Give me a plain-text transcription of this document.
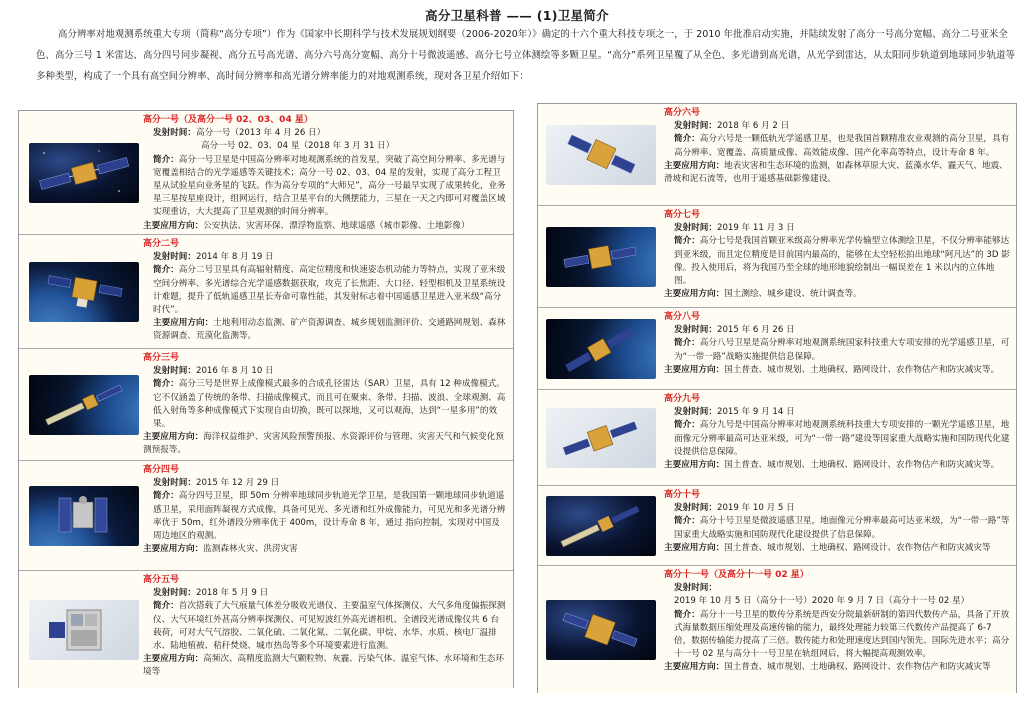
高分卫星科普 —— (1)卫星简介
高分辨率对地观测系统重大专项（简称“高分专项”）作为《国家中长期科学与技术发展规划纲要（2006-2020年）》确定的十六个重大科技专项之一，于 2010 年批准启动实施，并陆续发射了高分一号高分宽幅、高分二号亚米全色、高分三号 1 米雷达、高分四号同步凝视、高分五号高光谱、高分六号高分宽幅、高分十号微波遥感、高分七号立体测绘等多颗卫星。“高分”系列卫星覆了从全色、多光谱到高光谱，从光学到雷达，从太阳同步轨道到地球同步轨道等多种类型，构成了一个具有高空间分辨率、高时间分辨率和高光谱分辨率能力的对地观测系统，现对各卫星介绍如下：
高分一号（及高分一号 02、03、04 星）
发射时间：高分一号（2013 年 4 月 26 日）
高分一号 02、03、04 星（2018 年 3 月 31 日）
简介：高分一号卫星是中国高分辨率对地观测系统的首发星，突破了高空间分辨率、多光谱与宽覆盖相结合的光学遥感等关键技术；高分一号 02、03、04 星的发射，实现了高分工程卫星从试验星向业务星的飞跃。作为高分专项的“大师兄”，高分一号最早实现了成果转化，业务星三星按星座设计，组网运行，结合卫星平台的大侧摆能力，三星在一天之内即可对覆盖区域实现重访，大大提高了卫星观测的时间分辨率。
主要应用方向：公安执法、灾害环保、漂浮物监察、地球遥感（城市影像、土地影像）
高分二号
发射时间：2014 年 8 月 19 日
简介：高分二号卫星具有高辐射精度、高定位精度和快速姿态机动能力等特点，实现了亚米级空间分辨率、多光谱综合光学遥感数据获取，攻克了长焦距、大口径、轻型相机及卫星系统设计难题，提升了低轨遥感卫星长寿命可靠性能，其发射标志着中国遥感卫星进入亚米级“高分时代”。
主要应用方向：土地利用动态监测、矿产资源调查、城乡规划监测评价、交通路网规划、森林资源调查、荒漠化监测等。
高分三号
发射时间：2016 年 8 月 10 日
简介：高分三号是世界上成像模式最多的合成孔径雷达（SAR）卫星，具有 12 种成像模式。它不仅涵盖了传统的条带、扫描成像模式，而且可在聚束、条带、扫描、波浪、全球观测、高低入射角等多种成像模式下实现自由切换，既可以探地，又可以观海，达到“一星多用”的效果。
主要应用方向：海洋权益维护、灾害风险预警预报、水资源评价与管理、灾害天气和气候变化预测预报等。
高分四号
发射时间：2015 年 12 月 29 日
简介：高分四号卫星，即 50m 分辨率地球同步轨道光学卫星，是我国第一颗地球同步轨道遥感卫星，采用面阵凝视方式成像，具备可见光、多光谱和红外成像能力，可见光和多光谱分辨率优于 50m，红外谱段分辨率优于 400m，设计寿命 8 年，通过 指向控制，实现对中国及周边地区的观测。
主要应用方向：监测森林火灾、洪涝灾害
高分五号
发射时间：2018 年 5 月 9 日
简介：首次搭载了大气痕量气体差分吸收光谱仪、主要温室气体探测仪、大气多角度偏振探测仪、大气环境红外甚高分辨率探测仪、可见短波红外高光谱相机、全谱段光谱成像仪共 6 台载荷，可对大气气溶胶、二氧化硫、二氧化氮、二氧化碳、甲烷、水华、水质、核电厂温排水、陆地植被、秸秆焚烧、城市热岛等多个环境要素进行监测。
主要应用方向：高频次、高精度监测大气颗粒物、灰霾、污染气体、温室气体、水环境和生态环境等
高分六号
发射时间：2018 年 6 月 2 日
简介：高分六号是一颗低轨光学遥感卫星，也是我国首颗精准农业观测的高分卫星，具有高分辨率、宽覆盖、高质量成像、高效能成像、国产化率高等特点，设计寿命 8 年。
主要应用方向：地表灾害和生态环境的监测，如森林草原大灾、蓝藻水华、霾天气、地震、滑坡和泥石流等，也用于遥感基础影像建设。
高分七号
发射时间：2019 年 11 月 3 日
简介：高分七号是我国首颗亚米级高分辨率光学传输型立体测绘卫星，不仅分辨率能够达到亚米级，而且定位精度是目前国内最高的，能够在太空轻松拍出地球“阿凡达”的 3D 影像。投入使用后，将为我国乃至全球的地形地貌绘制出一幅误差在 1 米以内的立体地图。
主要应用方向：国土测绘、城乡建设、统计调查等。
高分八号
发射时间：2015 年 6 月 26 日
简介：高分八号卫星是高分辨率对地观测系统国家科技重大专项安排的光学遥感卫星，可为“一带一路”战略实施提供信息保障。
主要应用方向：国土普查、城市规划、土地确权、路网设计、农作物估产和防灾减灾等。
高分九号
发射时间：2015 年 9 月 14 日
简介：高分九号是中国高分辨率对地观测系统科技重大专项安排的一颗光学遥感卫星，地面像元分辨率最高可达亚米级，可为“一带一路”建设等国家重大战略实施和国防现代化建设提供信息保障。
主要应用方向：国土普查、城市规划、土地确权、路网设计、农作物估产和防灾减灾等。
高分十号
发射时间：2019 年 10 月 5 日
简介：高分十号卫星是微波遥感卫星，地面像元分辨率最高可达亚米级，为“一带一路”等国家重大战略实施和国防现代化建设提供了信息保障。
主要应用方向：国土普查、城市规划、土地确权、路网设计、农作物估产和防灾减灾等
高分十一号（及高分十一号 02 星）
发射时间：2019 年 10 月 5 日（高分十一号）2020 年 9 月 7 日（高分十一号 02 星）
简介：高分十一号卫星的数传分系统是西安分院最新研制的第四代数传产品，具备了开放式海量数据压缩处理及高速传输的能力，最终处理能力较第三代数传产品提高了 6-7 倍，数据传输能力提高了三倍。数传能力和处理速度达到国内领先、国际先进水平；高分十一号 02 星与高分十一号卫星在轨组网后，将大幅提高观测效率。
主要应用方向：国土普查、城市规划、土地确权、路网设计、农作物估产和防灾减灾等
